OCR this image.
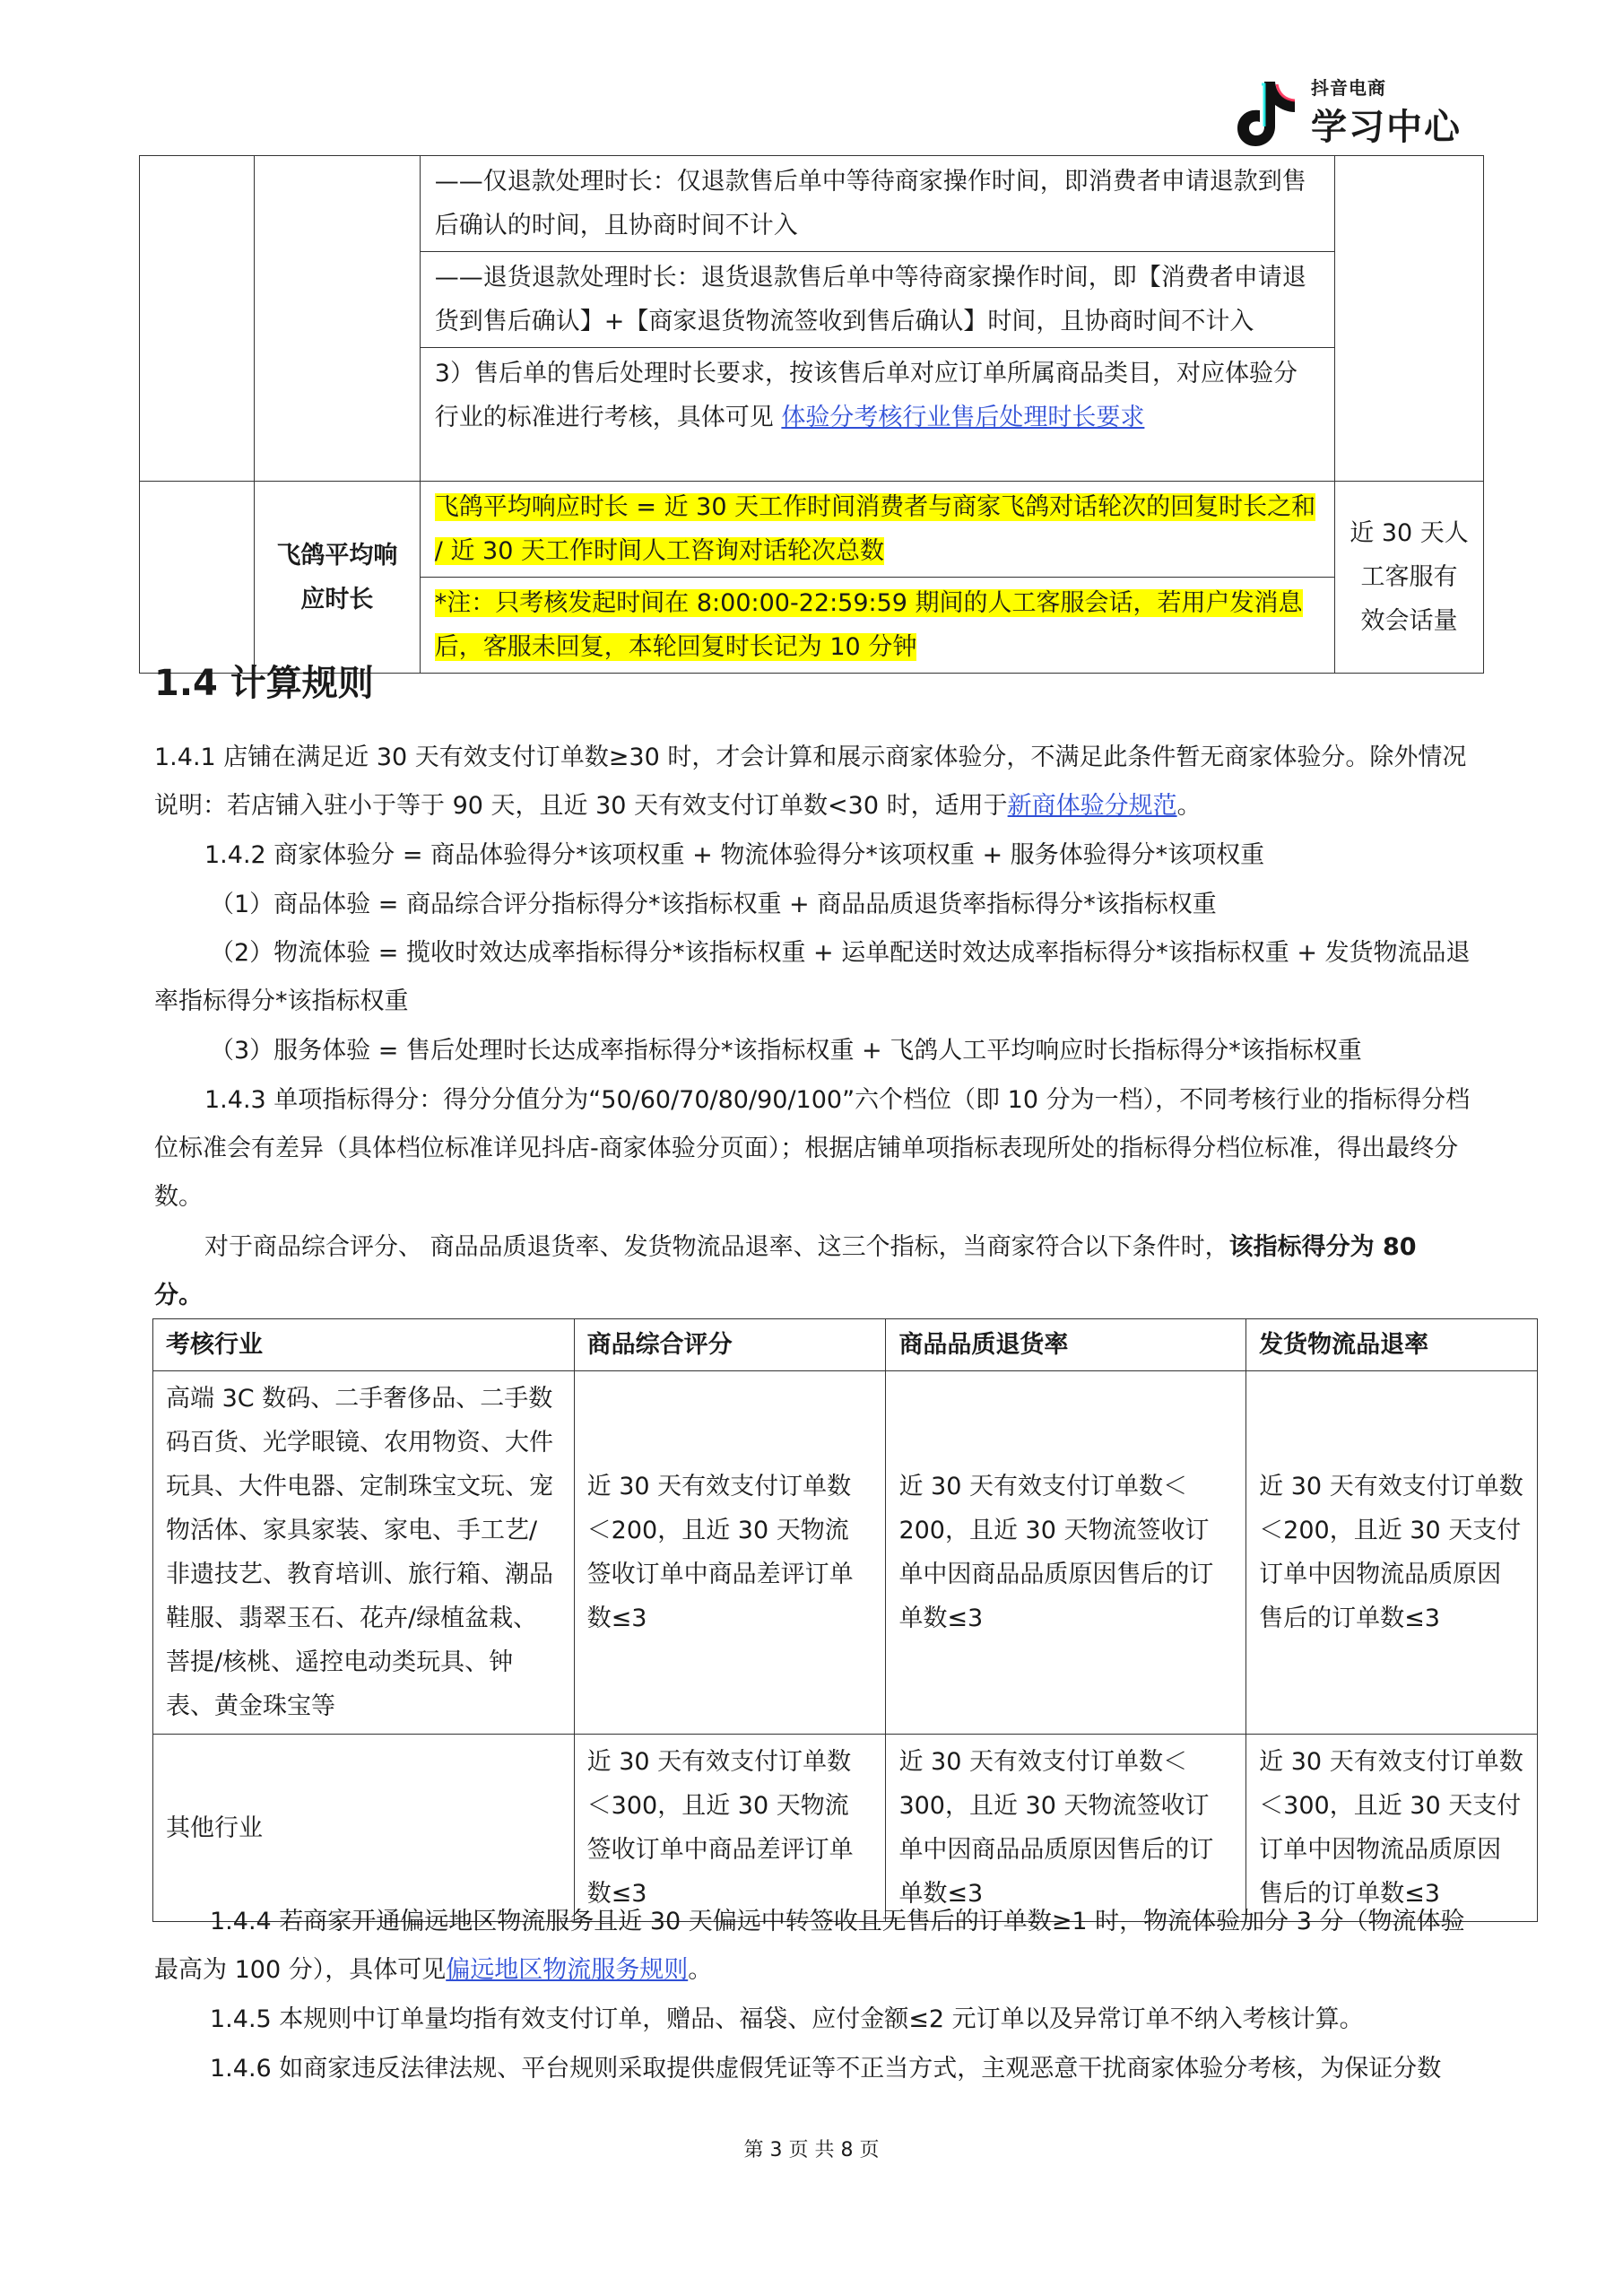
抖音电商
学习中心
		——仅退款处理时长：仅退款售后单中等待商家操作时间，即消费者申请退款到售后确认的时间，且协商时间不计入	
		——退货退款处理时长：退货退款售后单中等待商家操作时间，即【消费者申请退货到售后确认】+【商家退货物流签收到售后确认】时间，且协商时间不计入	
		3）售后单的售后处理时长要求，按该售后单对应订单所属商品类目，对应体验分行业的标准进行考核，具体可见 体验分考核行业售后处理时长要求	
	飞鸽平均响应时长	飞鸽平均响应时长 = 近 30 天工作时间消费者与商家飞鸽对话轮次的回复时长之和 / 近 30 天工作时间人工咨询对话轮次总数	近 30 天人工客服有效会话量
		*注：只考核发起时间在 8:00:00-22:59:59 期间的人工客服会话，若用户发消息后，客服未回复，本轮回复时长记为 10 分钟	
1.4 计算规则

1.4.1 店铺在满足近 30 天有效支付订单数≥30 时，才会计算和展示商家体验分，不满足此条件暂无商家体验分。除外情况说明：若店铺入驻小于等于 90 天，且近 30 天有效支付订单数<30 时，适用于新商体验分规范。

1.4.2 商家体验分 = 商品体验得分*该项权重 + 物流体验得分*该项权重 + 服务体验得分*该项权重

（1）商品体验 = 商品综合评分指标得分*该指标权重 + 商品品质退货率指标得分*该指标权重

（2）物流体验 = 揽收时效达成率指标得分*该指标权重 + 运单配送时效达成率指标得分*该指标权重 + 发货物流品退率指标得分*该指标权重

（3）服务体验 = 售后处理时长达成率指标得分*该指标权重 + 飞鸽人工平均响应时长指标得分*该指标权重

1.4.3 单项指标得分：得分分值分为“50/60/70/80/90/100”六个档位（即 10 分为一档），不同考核行业的指标得分档位标准会有差异（具体档位标准详见抖店-商家体验分页面）；根据店铺单项指标表现所处的指标得分档位标准，得出最终分数。

对于商品综合评分、 商品品质退货率、发货物流品退率、这三个指标，当商家符合以下条件时，该指标得分为 80 分。

考核行业	商品综合评分	商品品质退货率	发货物流品退率
高端 3C 数码、二手奢侈品、二手数码百货、光学眼镜、农用物资、大件玩具、大件电器、定制珠宝文玩、宠物活体、家具家装、家电、手工艺/非遗技艺、教育培训、旅行箱、潮品鞋服、翡翠玉石、花卉/绿植盆栽、菩提/核桃、遥控电动类玩具、钟表、黄金珠宝等	近 30 天有效支付订单数＜200，且近 30 天物流签收订单中商品差评订单数≤3	近 30 天有效支付订单数＜200，且近 30 天物流签收订单中因商品品质原因售后的订单数≤3	近 30 天有效支付订单数＜200，且近 30 天支付订单中因物流品质原因售后的订单数≤3
其他行业	近 30 天有效支付订单数＜300，且近 30 天物流签收订单中商品差评订单数≤3	近 30 天有效支付订单数＜300，且近 30 天物流签收订单中因商品品质原因售后的订单数≤3	近 30 天有效支付订单数＜300，且近 30 天支付订单中因物流品质原因售后的订单数≤3

1.4.4 若商家开通偏远地区物流服务且近 30 天偏远中转签收且无售后的订单数≥1 时，物流体验加分 3 分（物流体验最高为 100 分），具体可见偏远地区物流服务规则。

1.4.5 本规则中订单量均指有效支付订单，赠品、福袋、应付金额≤2 元订单以及异常订单不纳入考核计算。

1.4.6 如商家违反法律法规、平台规则采取提供虚假凭证等不正当方式，主观恶意干扰商家体验分考核，为保证分数

第 3 页 共 8 页
